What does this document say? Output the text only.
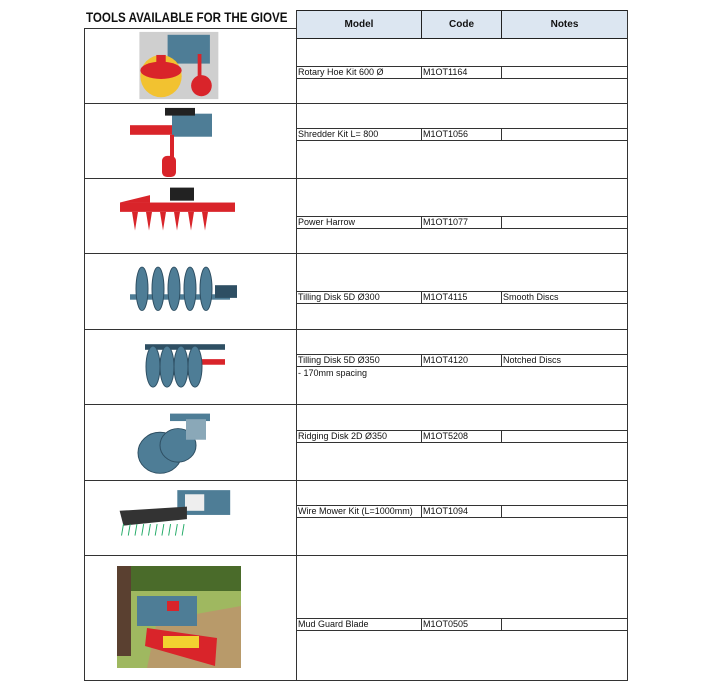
TOOLS AVAILABLE FOR THE GIOVE	Model	Code	Notes
Rotary Hoe Kit 600 Ø	M1OT1164
Shredder Kit L= 800	M1OT1056
Power Harrow	M1OT1077
Tilling Disk 5D Ø300	M1OT4115	Smooth Discs
Tilling Disk 5D Ø350	M1OT4120	Notched Discs
- 170mm spacing
Ridging Disk 2D Ø350	M1OT5208
Wire Mower Kit (L=1000mm) M1OT1094
Mud Guard Blade	M1OT0505
